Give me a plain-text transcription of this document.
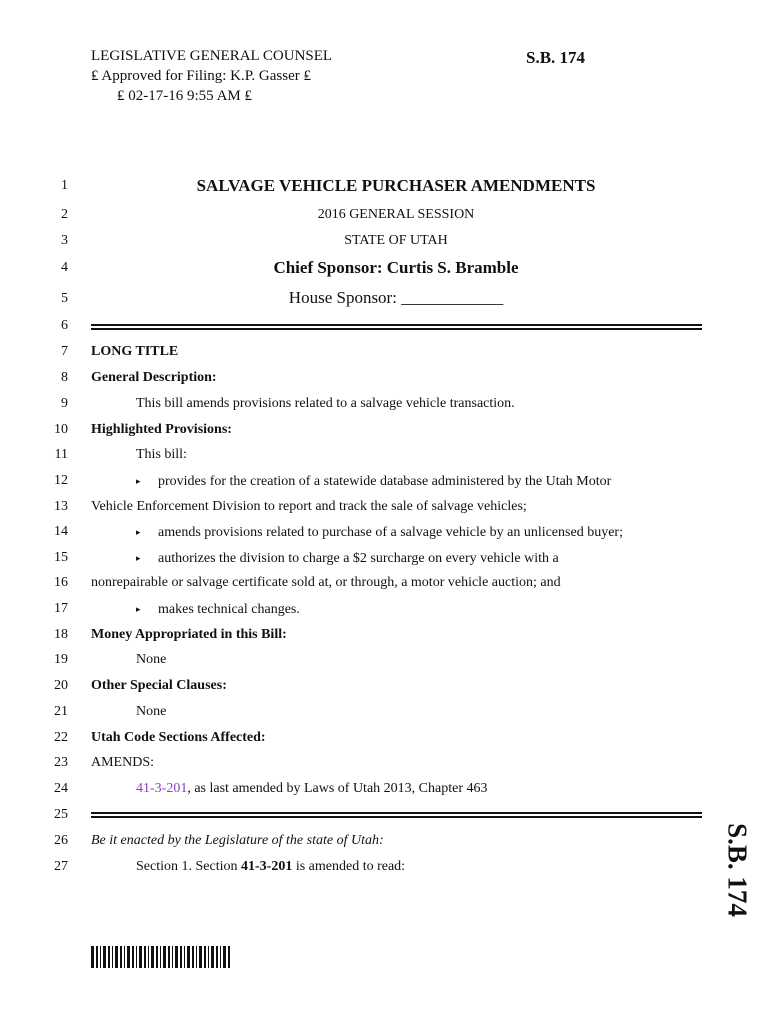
LEGISLATIVE GENERAL COUNSEL
₤ Approved for Filing: K.P. Gasser ₤
₤ 02-17-16 9:55 AM ₤
S.B. 174
1
2
3
4
5
6
7
8
9
10
11
12
13
14
15
16
17
18
19
20
21
22
23
24
25
26
27
SALVAGE VEHICLE PURCHASER AMENDMENTS
2016 GENERAL SESSION
STATE OF UTAH
Chief Sponsor: Curtis S. Bramble
House Sponsor: ____________
LONG TITLE
General Description:
This bill amends provisions related to a salvage vehicle transaction.
Highlighted Provisions:
This bill:
▸ provides for the creation of a statewide database administered by the Utah Motor
Vehicle Enforcement Division to report and track the sale of salvage vehicles;
▸ amends provisions related to purchase of a salvage vehicle by an unlicensed buyer;
▸ authorizes the division to charge a $2 surcharge on every vehicle with a
nonrepairable or salvage certificate sold at, or through, a motor vehicle auction; and
▸ makes technical changes.
Money Appropriated in this Bill:
None
Other Special Clauses:
None
Utah Code Sections Affected:
AMENDS:
41-3-201, as last amended by Laws of Utah 2013, Chapter 463
Be it enacted by the Legislature of the state of Utah:
Section 1. Section 41-3-201 is amended to read:	S.B. 174
